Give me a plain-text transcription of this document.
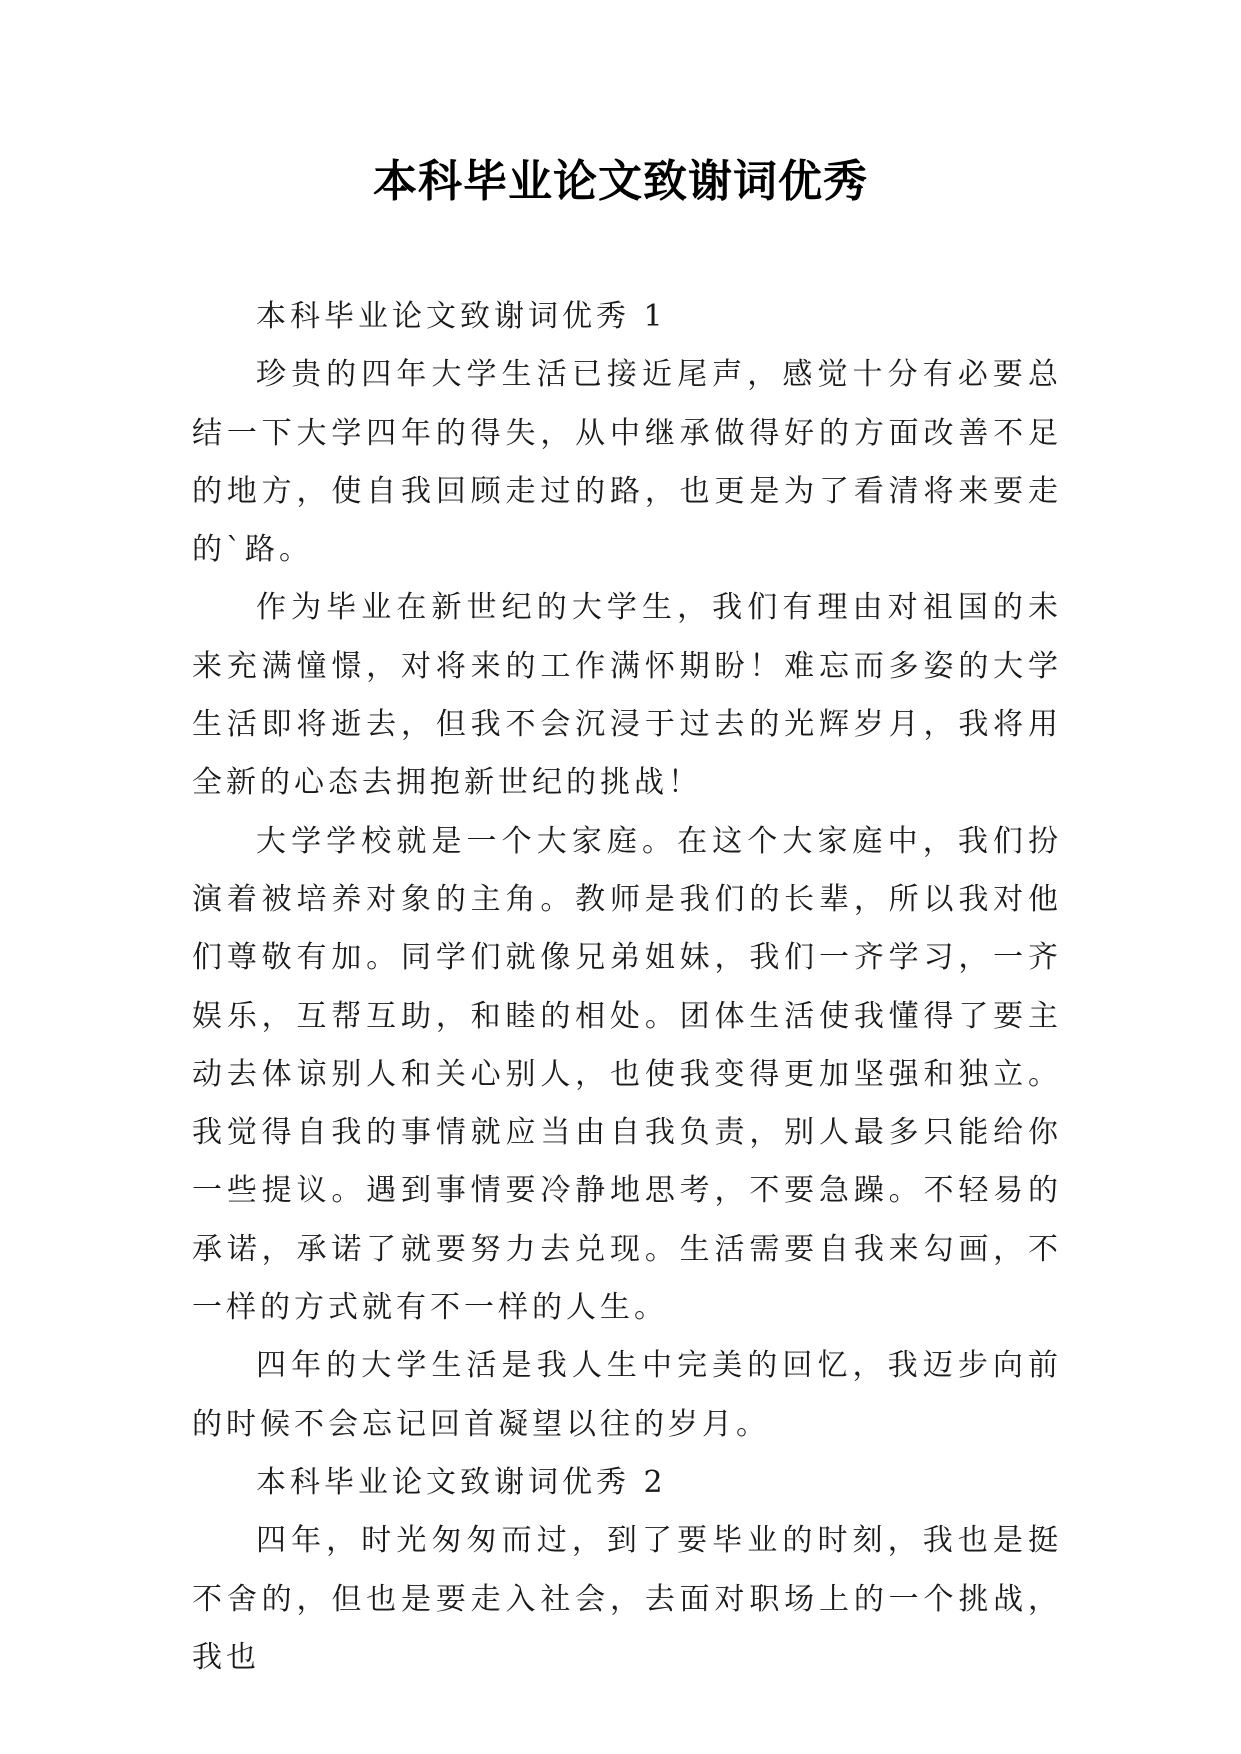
本科毕业论文致谢词优秀

本科毕业论文致谢词优秀 1

珍贵的四年大学生活已接近尾声，感觉十分有必要总结一下大学四年的得失，从中继承做得好的方面改善不足的地方，使自我回顾走过的路，也更是为了看清将来要走的`路。

作为毕业在新世纪的大学生，我们有理由对祖国的未来充满憧憬，对将来的工作满怀期盼！难忘而多姿的大学生活即将逝去，但我不会沉浸于过去的光辉岁月，我将用全新的心态去拥抱新世纪的挑战！

大学学校就是一个大家庭。在这个大家庭中，我们扮演着被培养对象的主角。教师是我们的长辈，所以我对他们尊敬有加。同学们就像兄弟姐妹，我们一齐学习，一齐娱乐，互帮互助，和睦的相处。团体生活使我懂得了要主动去体谅别人和关心别人，也使我变得更加坚强和独立。我觉得自我的事情就应当由自我负责，别人最多只能给你一些提议。遇到事情要冷静地思考，不要急躁。不轻易的承诺，承诺了就要努力去兑现。生活需要自我来勾画，不一样的方式就有不一样的人生。

四年的大学生活是我人生中完美的回忆，我迈步向前的时候不会忘记回首凝望以往的岁月。

本科毕业论文致谢词优秀 2

四年，时光匆匆而过，到了要毕业的时刻，我也是挺不舍的，但也是要走入社会，去面对职场上的一个挑战，我也
